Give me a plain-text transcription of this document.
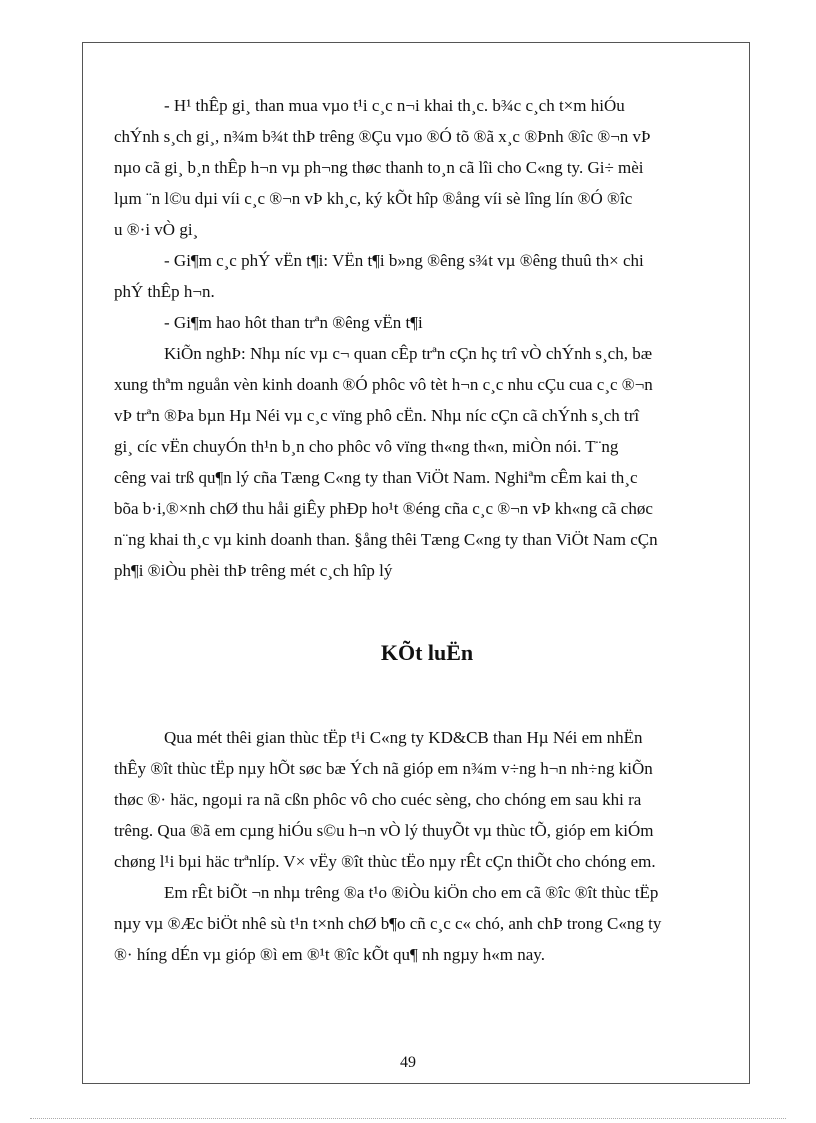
- H¹ thÊp gi¸ than mua vµo t¹i c¸c n¬i khai th¸c. b¾c c¸ch t×m hiÓu
chÝnh s¸ch gi¸, n¾m b¾t thÞ trêng ®Çu vµo ®Ó tõ ®ã x¸c ®Þnh ®îc ®¬n vÞ
nµo cã gi¸ b¸n thÊp h¬n vµ ph¬ng thøc thanh to¸n cã lîi cho C«ng ty. Gi÷ mèi
lµm ¨n l©u dµi víi c¸c ®¬n vÞ kh¸c, ký kÕt hîp ®ång víi sè lîng lín ®Ó ®îc
u ®·i vÒ gi¸

- Gi¶m c¸c phÝ vËn t¶i: VËn t¶i b»ng ®êng s¾t vµ ®êng thuû th× chi
phÝ thÊp h¬n.

- Gi¶m hao hôt than trªn ®êng vËn t¶i

KiÕn nghÞ: Nhµ níc vµ c¬ quan cÊp trªn cÇn hç trî vÒ chÝnh s¸ch, bæ
xung thªm nguån vèn kinh doanh ®Ó phôc vô tèt h¬n c¸c nhu cÇu cua c¸c ®¬n
vÞ trªn ®Þa bµn Hµ Néi vµ c¸c vïng phô cËn. Nhµ níc cÇn cã chÝnh s¸ch trî
gi¸ cíc vËn chuyÓn th¹n b¸n cho phôc vô vïng th«ng th«n, miÒn nói. T¨ng
cêng vai trß qu¶n lý cña Tæng C«ng ty than ViÖt Nam. Nghiªm cÊm kai th¸c
bõa b·i,®×nh chØ thu håi giÊy phÐp ho¹t ®éng cña c¸c ®¬n vÞ kh«ng cã chøc
n¨ng khai th¸c vµ kinh doanh than. §ång thêi Tæng C«ng ty than ViÖt Nam cÇn
ph¶i ®iÒu phèi thÞ trêng mét c¸ch hîp lý

KÕt luËn

Qua mét thêi gian thùc tËp t¹i C«ng ty KD&CB than Hµ Néi em nhËn
thÊy ®ît thùc tËp nµy hÕt søc bæ Ých nã gióp em n¾m v÷ng h¬n nh÷ng kiÕn
thøc ®· häc, ngoµi ra nã cßn phôc vô cho cuéc sèng, cho chóng em sau khi ra
trêng. Qua ®ã em cµng hiÓu s©u h¬n vÒ lý thuyÕt vµ thùc tÕ, gióp em kiÓm
chøng l¹i bµi häc trªnlíp. V× vËy ®ît thùc tËo nµy rÊt cÇn thiÕt cho chóng em.

Em rÊt biÕt ¬n nhµ trêng ®a t¹o ®iÒu kiÖn cho em cã ®îc ®ît thùc tËp
nµy vµ ®Æc biÖt nhê sù t¹n t×nh chØ b¶o cñ c¸c c« chó, anh chÞ trong C«ng ty
®· híng dÉn vµ gióp ®ì em ®¹t ®îc kÕt qu¶ nh ngµy h«m nay.

49
